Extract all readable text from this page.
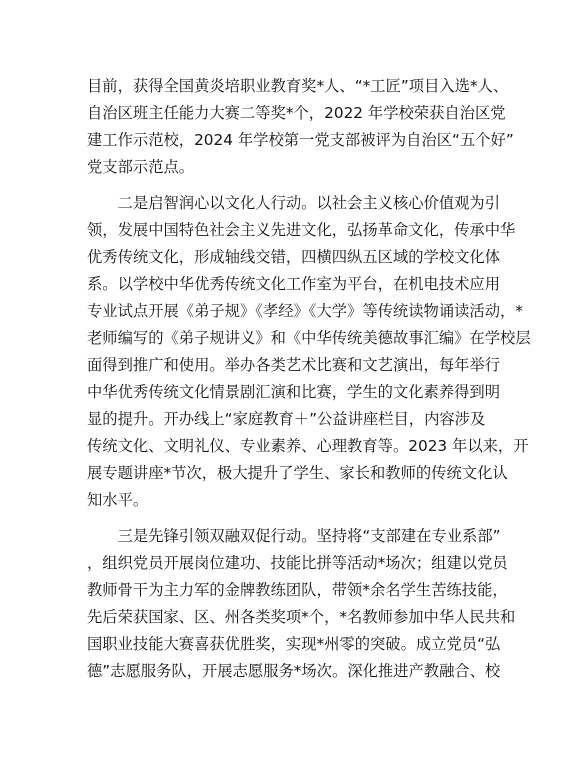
目前，获得全国黄炎培职业教育奖*人、“*工匠”项目入选*人、
自治区班主任能力大赛二等奖*个，2022 年学校荣获自治区党
建工作示范校，2024 年学校第一党支部被评为自治区“五个好”
党支部示范点。
　　二是启智润心以文化人行动。以社会主义核心价值观为引
领，发展中国特色社会主义先进文化，弘扬革命文化，传承中华
优秀传统文化，形成轴线交错，四横四纵五区域的学校文化体
系。以学校中华优秀传统文化工作室为平台，在机电技术应用
专业试点开展《弟子规》《孝经》《大学》等传统读物诵读活动，*
老师编写的《弟子规讲义》和《中华传统美德故事汇编》在学校层
面得到推广和使用。举办各类艺术比赛和文艺演出，每年举行
中华优秀传统文化情景剧汇演和比赛，学生的文化素养得到明
显的提升。开办线上“家庭教育＋”公益讲座栏目，内容涉及
传统文化、文明礼仪、专业素养、心理教育等。2023 年以来，开
展专题讲座*节次，极大提升了学生、家长和教师的传统文化认
知水平。
　　三是先锋引领双融双促行动。坚持将“支部建在专业系部”
，组织党员开展岗位建功、技能比拼等活动*场次；组建以党员
教师骨干为主力军的金牌教练团队，带领*余名学生苦练技能，
先后荣获国家、区、州各类奖项*个，*名教师参加中华人民共和
国职业技能大赛喜获优胜奖，实现*州零的突破。成立党员“弘
德”志愿服务队，开展志愿服务*场次。深化推进产教融合、校
